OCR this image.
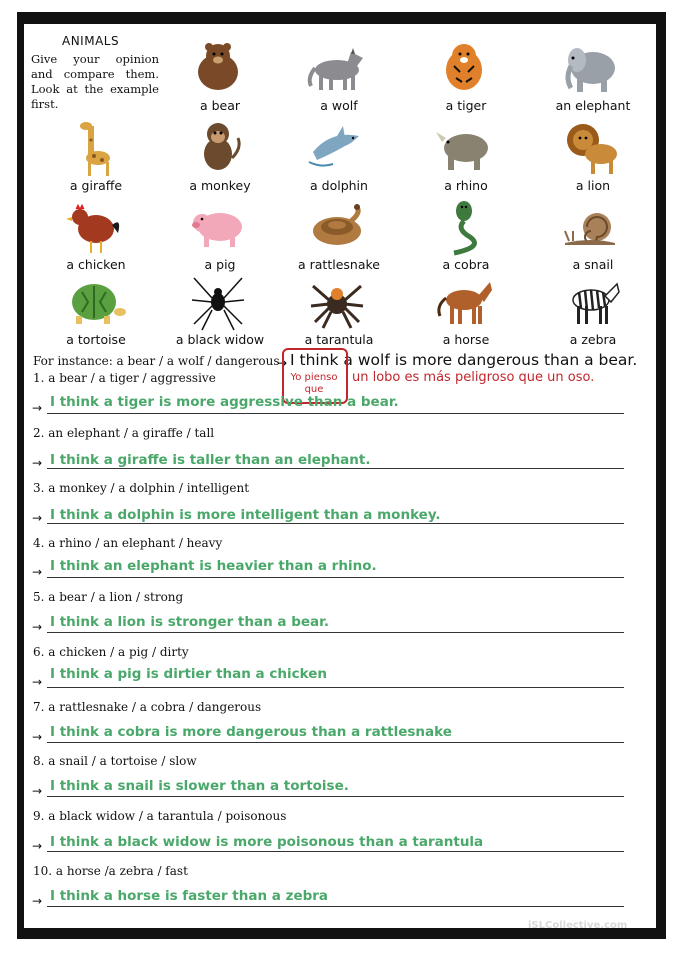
ANIMALS
Give your opinion and compare them. Look at the example first.	a bear	a wolf	a tiger	an elephant
a giraffe	a monkey	a dolphin	a rhino	a lion
a chicken	a pig	a rattlesnake	a cobra	a snail
a tortoise	a black widow	a tarantula	a horse	a zebra
For instance: a bear / a wolf / dangerous
→ I think a wolf is more dangerous than a bear.
Yo pienso que
un lobo es más peligroso que un oso.
1. a bear / a tiger / aggressive
→ I think a tiger is more aggressive than a bear.
2. an elephant / a giraffe / tall
→ I think a giraffe is taller than an elephant.
3. a monkey / a dolphin / intelligent
→ I think a dolphin is more intelligent than a monkey.
4. a rhino / an elephant / heavy
→ I think an elephant is heavier than a rhino.
5. a bear / a lion / strong
→ I think a lion is stronger than a bear.
6. a chicken / a pig / dirty
→ I think a pig is dirtier than a chicken
7. a rattlesnake / a cobra / dangerous
→ I think a cobra is more dangerous than a rattlesnake
8. a snail / a tortoise / slow
→ I think a snail is slower than a tortoise.
9. a black widow / a tarantula / poisonous
→ I think a black widow is more poisonous than a tarantula
10. a horse /a zebra / fast
→ I think a horse is faster than a zebra
iSLCollective.com
